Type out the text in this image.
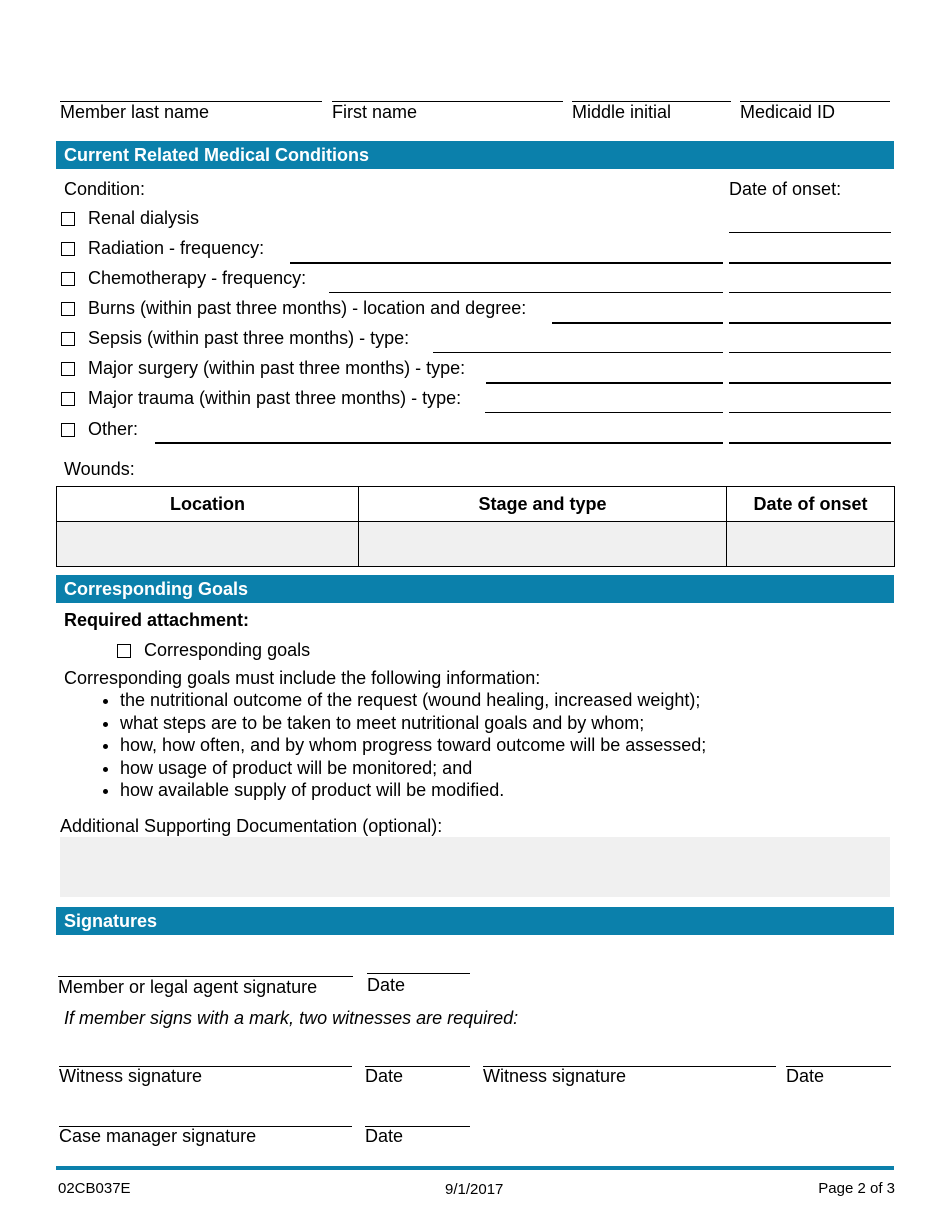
Member last name	First name	Middle initial	Medicaid ID
Current Related Medical Conditions
Condition:	Date of onset:
Renal dialysis
Radiation - frequency:
Chemotherapy - frequency:
Burns (within past three months) - location and degree:
Sepsis (within past three months) - type:
Major surgery (within past three months) - type:
Major trauma (within past three months) - type:
Other:
Wounds:
Location	Stage and type	Date of onset

Corresponding Goals
Required attachment:
Corresponding goals
Corresponding goals must include the following information:
• the nutritional outcome of the request (wound healing, increased weight);
• what steps are to be taken to meet nutritional goals and by whom;
• how, how often, and by whom progress toward outcome will be assessed;
• how usage of product will be monitored; and
• how available supply of product will be modified.
Additional Supporting Documentation (optional):
Signatures
Member or legal agent signature	Date
If member signs with a mark, two witnesses are required:
Witness signature	Date	Witness signature	Date
Case manager signature	Date
02CB037E	9/1/2017	Page 2 of 3
